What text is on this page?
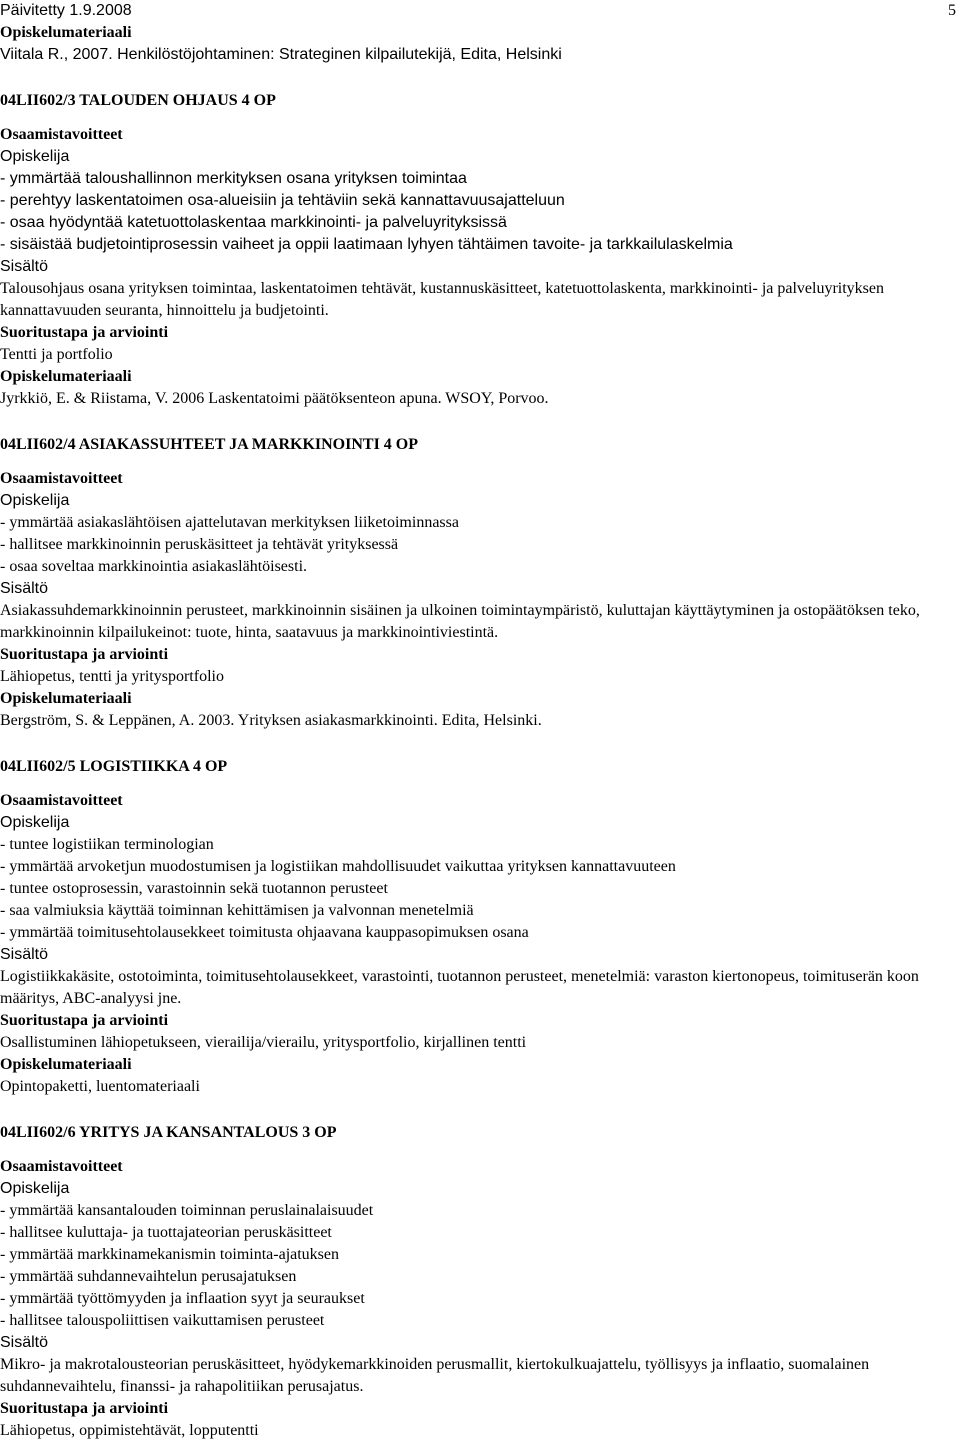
5
Päivitetty 1.9.2008
Opiskelumateriaali
Viitala R., 2007. Henkilöstöjohtaminen: Strateginen kilpailutekijä, Edita, Helsinki
04LII602/3 TALOUDEN OHJAUS 4 OP
Osaamistavoitteet
Opiskelija
- ymmärtää taloushallinnon merkityksen osana yrityksen toimintaa
- perehtyy laskentatoimen osa-alueisiin ja tehtäviin sekä kannattavuusajatteluun
- osaa hyödyntää katetuottolaskentaa markkinointi- ja palveluyrityksissä
- sisäistää budjetointiprosessin vaiheet ja oppii laatimaan lyhyen tähtäimen tavoite- ja tarkkailulaskelmia
Sisältö
Talousohjaus osana yrityksen toimintaa, laskentatoimen tehtävät, kustannuskäsitteet, katetuottolaskenta, markkinointi- ja palveluyrityksen kannattavuuden seuranta, hinnoittelu ja budjetointi.
Suoritustapa ja arviointi
Tentti ja portfolio
Opiskelumateriaali
Jyrkkiö, E. & Riistama, V. 2006 Laskentatoimi päätöksenteon apuna. WSOY, Porvoo.
04LII602/4 ASIAKASSUHTEET JA MARKKINOINTI 4 OP
Osaamistavoitteet
Opiskelija
- ymmärtää asiakaslähtöisen ajattelutavan merkityksen liiketoiminnassa
- hallitsee markkinoinnin peruskäsitteet ja tehtävät yrityksessä
- osaa soveltaa markkinointia asiakaslähtöisesti.
Sisältö
Asiakassuhdemarkkinoinnin perusteet, markkinoinnin sisäinen ja ulkoinen toimintaympäristö, kuluttajan käyttäytyminen ja ostopäätöksen teko, markkinoinnin kilpailukeinot: tuote, hinta, saatavuus ja markkinointiviestintä.
Suoritustapa ja arviointi
Lähiopetus, tentti ja yritysportfolio
Opiskelumateriaali
Bergström, S. & Leppänen, A. 2003. Yrityksen asiakasmarkkinointi. Edita, Helsinki.
04LII602/5 LOGISTIIKKA 4 OP
Osaamistavoitteet
Opiskelija
- tuntee logistiikan terminologian
- ymmärtää arvoketjun muodostumisen ja logistiikan mahdollisuudet vaikuttaa yrityksen kannattavuuteen
- tuntee ostoprosessin, varastoinnin sekä tuotannon perusteet
- saa valmiuksia käyttää toiminnan kehittämisen ja valvonnan menetelmiä
- ymmärtää toimitusehtolausekkeet toimitusta ohjaavana kauppasopimuksen osana
Sisältö
Logistiikkakäsite, ostotoiminta, toimitusehtolausekkeet, varastointi, tuotannon perusteet, menetelmiä: varaston kiertonopeus, toimituserän koon määritys, ABC-analyysi jne.
Suoritustapa ja arviointi
Osallistuminen lähiopetukseen, vierailija/vierailu, yritysportfolio, kirjallinen tentti
Opiskelumateriaali
Opintopaketti, luentomateriaali
04LII602/6 YRITYS JA KANSANTALOUS 3 OP
Osaamistavoitteet
Opiskelija
- ymmärtää kansantalouden toiminnan peruslainalaisuudet
- hallitsee kuluttaja- ja tuottajateorian peruskäsitteet
- ymmärtää markkinamekanismin toiminta-ajatuksen
- ymmärtää suhdannevaihtelun perusajatuksen
- ymmärtää työttömyyden ja inflaation syyt ja seuraukset
- hallitsee talouspoliittisen vaikuttamisen perusteet
Sisältö
Mikro- ja makrotalousteorian peruskäsitteet, hyödykemarkkinoiden perusmallit, kiertokulkuajattelu, työllisyys ja inflaatio, suomalainen suhdannevaihtelu, finanssi- ja rahapolitiikan perusajatus.
Suoritustapa ja arviointi
Lähiopetus, oppimistehtävät, lopputentti
